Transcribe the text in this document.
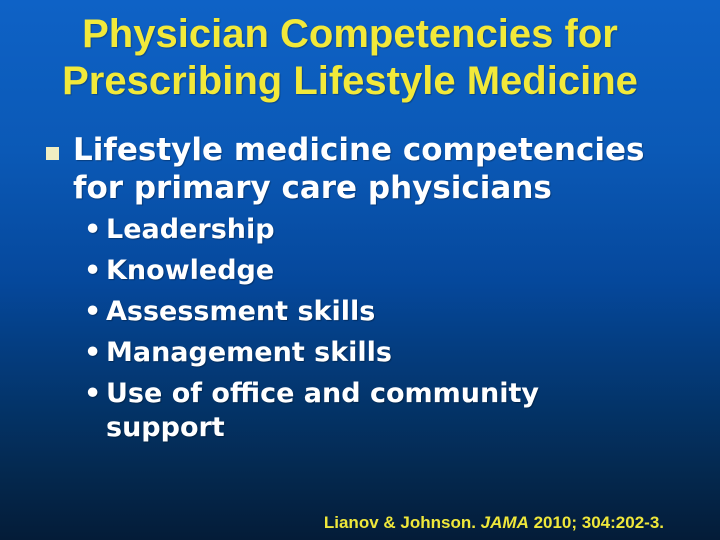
Physician Competencies for
Prescribing Lifestyle Medicine
Lifestyle medicine competencies for primary care physicians
• Leadership
• Knowledge
• Assessment skills
• Management skills
• Use of office and community support
Lianov & Johnson. JAMA 2010; 304:202-3.
